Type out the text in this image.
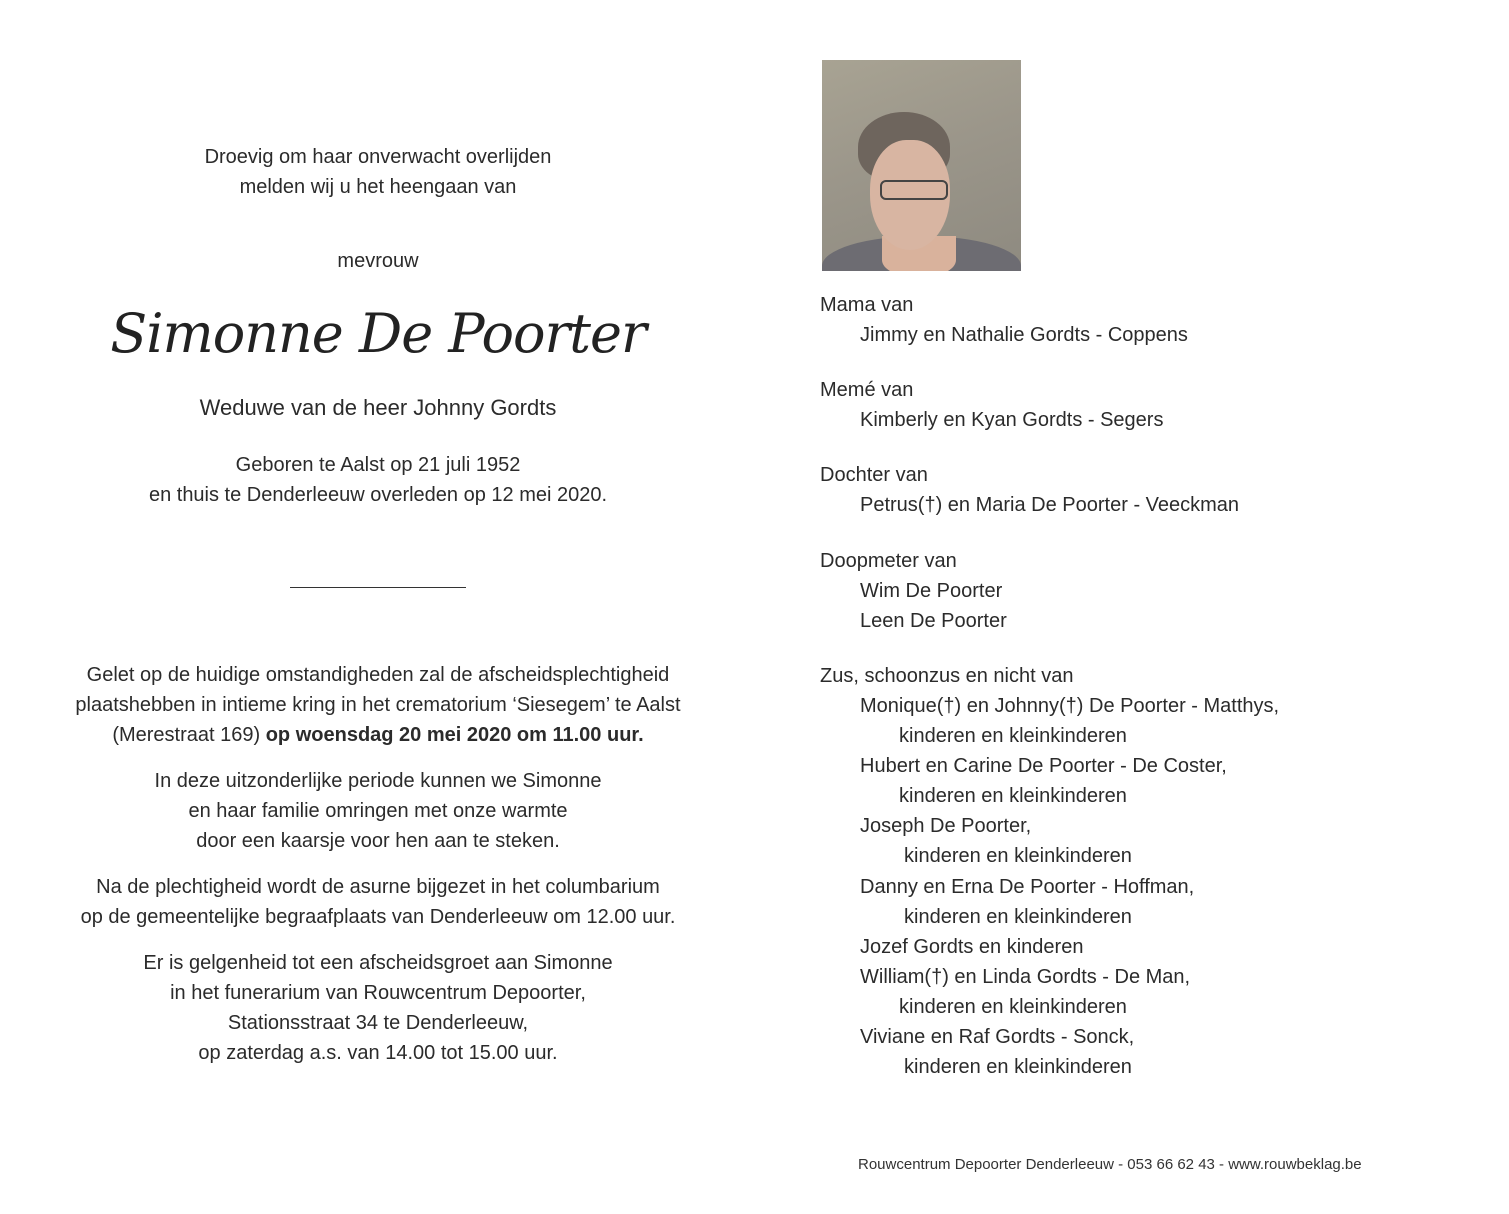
Droevig om haar onverwacht overlijden
melden wij u het heengaan van
mevrouw
Simonne De Poorter
Weduwe van de heer Johnny Gordts
Geboren te Aalst op 21 juli 1952
en thuis te Denderleeuw overleden op 12 mei 2020.
Gelet op de huidige omstandigheden zal de afscheidsplechtigheid
plaatshebben in intieme kring in het crematorium ‘Siesegem’ te Aalst
(Merestraat 169) op woensdag 20 mei 2020 om 11.00 uur.
In deze uitzonderlijke periode kunnen we Simonne
en haar familie omringen met onze warmte
door een kaarsje voor hen aan te steken.
Na de plechtigheid wordt de asurne bijgezet in het columbarium
op de gemeentelijke begraafplaats van Denderleeuw om 12.00 uur.
Er is gelgenheid tot een afscheidsgroet aan Simonne
in het funerarium van Rouwcentrum Depoorter,
Stationsstraat 34 te Denderleeuw,
op zaterdag a.s. van 14.00 tot 15.00 uur.
Mama van
Jimmy en Nathalie Gordts - Coppens
Memé van
Kimberly en Kyan Gordts - Segers
Dochter van
Petrus(†) en Maria De Poorter - Veeckman
Doopmeter van
Wim De Poorter
Leen De Poorter
Zus, schoonzus en nicht van
Monique(†) en Johnny(†) De Poorter - Matthys,
kinderen en kleinkinderen
Hubert en Carine De Poorter - De Coster,
kinderen en kleinkinderen
Joseph De Poorter,
kinderen en kleinkinderen
Danny en Erna De Poorter - Hoffman,
kinderen en kleinkinderen
Jozef Gordts en kinderen
William(†) en Linda Gordts - De Man,
kinderen en kleinkinderen
Viviane en Raf Gordts - Sonck,
kinderen en kleinkinderen
Rouwcentrum Depoorter Denderleeuw - 053 66 62 43 - www.rouwbeklag.be
